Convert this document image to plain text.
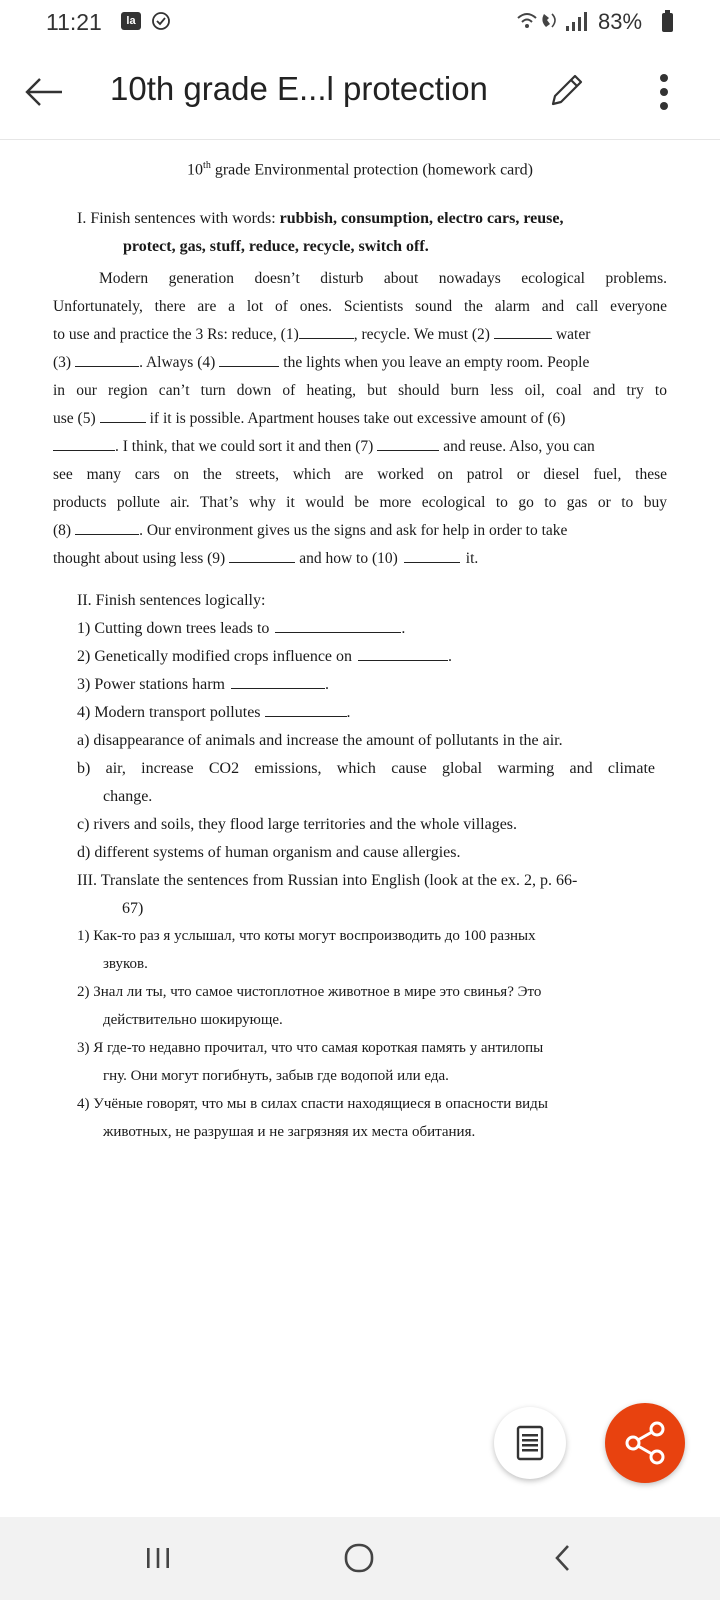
11:21	la	83%
10th grade E...l protection
10th grade Environmental protection (homework card)
I. Finish sentences with words: rubbish, consumption, electro cars, reuse,
protect, gas, stuff, reduce, recycle, switch off.
Modern generation doesn’t disturb about nowadays ecological problems.
Unfortunately, there are a lot of ones. Scientists sound the alarm and call everyone
to use and practice the 3 Rs: reduce, (1)	, recycle. We must (2)	water
(3)	. Always (4)	the lights when you leave an empty room. People
in our region can’t turn down of heating, but should burn less oil, coal and try to
use (5)	if it is possible. Apartment houses take out excessive amount of (6)
. I think, that we could sort it and then (7)	and reuse. Also, you can
see many cars on the streets, which are worked on patrol or diesel fuel, these
products pollute air. That’s why it would be more ecological to go to gas or to buy
(8)	. Our environment gives us the signs and ask for help in order to take
thought about using less (9)	and how to (10)	it.
II. Finish sentences logically:
1) Cutting down trees leads to	.
2) Genetically modified crops influence on	.
3) Power stations harm	.
4) Modern transport pollutes	.
a) disappearance of animals and increase the amount of pollutants in the air.
b) air, increase CO2 emissions, which cause global warming and climate
change.
c) rivers and soils, they flood large territories and the whole villages.
d) different systems of human organism and cause allergies.
III. Translate the sentences from Russian into English (look at the ex. 2, p. 66-
67)
1) Как-то раз я услышал, что коты могут воспроизводить до 100 разных
звуков.
2) Знал ли ты, что самое чистоплотное животное в мире это свинья? Это
действительно шокирующе.
3) Я где-то недавно прочитал, что что самая короткая память у антилопы
гну. Они могут погибнуть, забыв где водопой или еда.
4) Учёные говорят, что мы в силах спасти находящиеся в опасности виды
животных, не разрушая и не загрязняя их места обитания.
